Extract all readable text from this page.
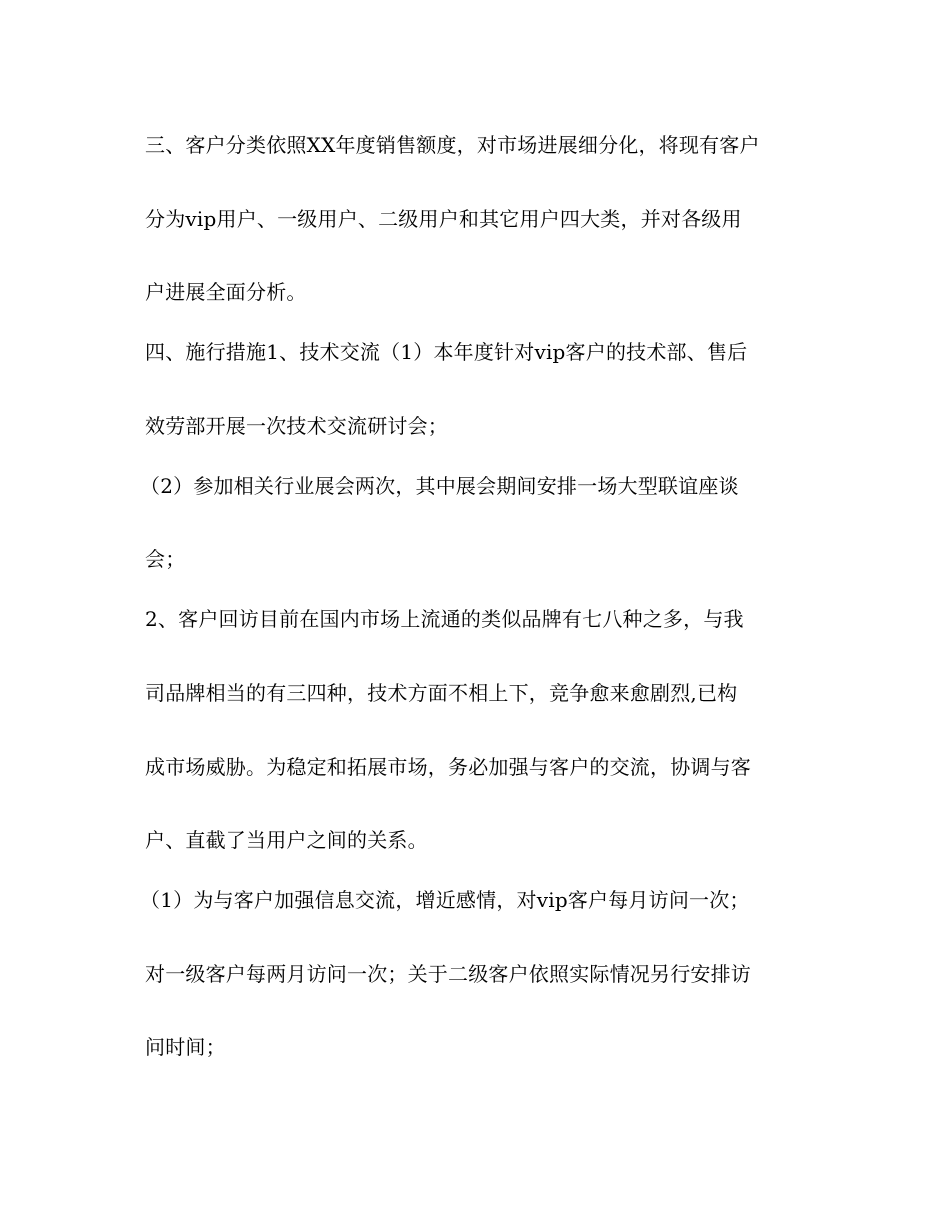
三、客户分类依照XX年度销售额度，对市场进展细分化，将现有客户
分为vip用户、一级用户、二级用户和其它用户四大类，并对各级用
户进展全面分析。
四、施行措施1、技术交流（1）本年度针对vip客户的技术部、售后
效劳部开展一次技术交流研讨会；
（2）参加相关行业展会两次，其中展会期间安排一场大型联谊座谈
会；
2、客户回访目前在国内市场上流通的类似品牌有七八种之多，与我
司品牌相当的有三四种，技术方面不相上下，竞争愈来愈剧烈,已构
成市场威胁。为稳定和拓展市场，务必加强与客户的交流，协调与客
户、直截了当用户之间的关系。
（1）为与客户加强信息交流，增近感情，对vip客户每月访问一次；
对一级客户每两月访问一次；关于二级客户依照实际情况另行安排访
问时间；
